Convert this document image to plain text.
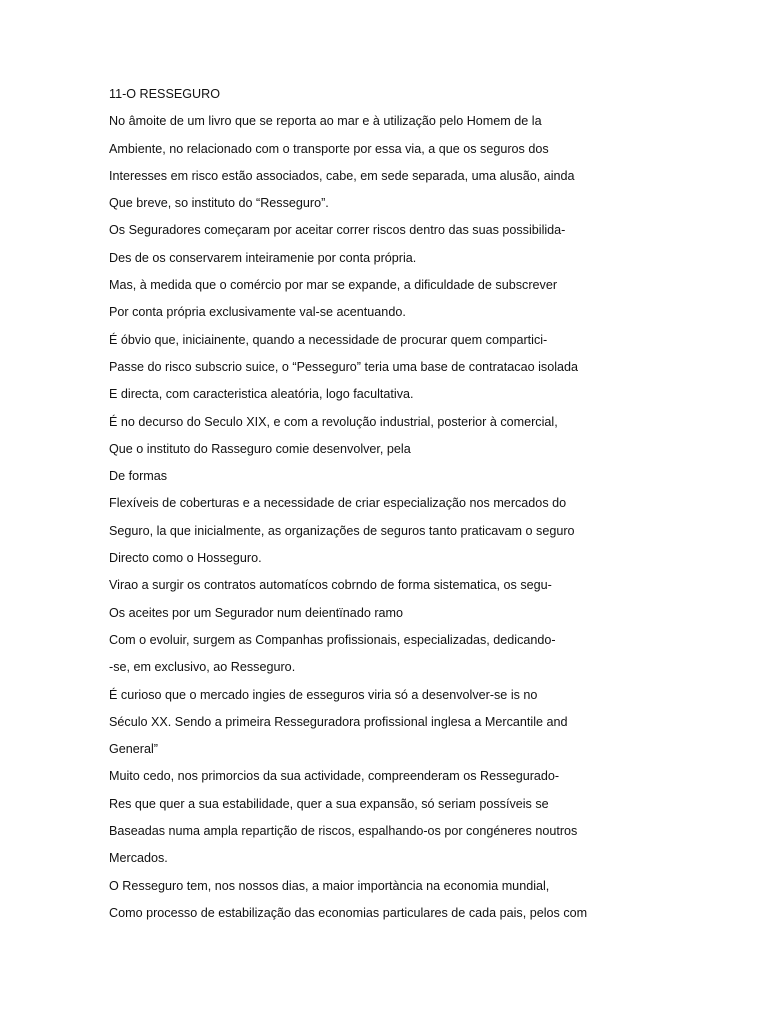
11-O RESSEGURO
No âmoite de um livro que se reporta ao mar e à utilização pelo Homem de la
Ambiente, no relacionado com o transporte por essa via, a que os seguros dos
Interesses em risco estão associados, cabe, em sede separada, uma alusão, ainda
Que breve, so instituto do “Resseguro”.
Os Seguradores começaram por aceitar correr riscos dentro das suas possibilida-
Des de os conservarem inteiramenie por conta própria.
Mas, à medida que o comércio por mar se expande, a dificuldade de subscrever
Por conta própria exclusivamente val-se acentuando.
É óbvio que, iniciainente, quando a necessidade de procurar quem compartici-
Passe do risco subscrio suice, o “Pesseguro” teria uma base de contratacao isolada
E directa, com caracteristica aleatória, logo facultativa.
É no decurso do Seculo XIX, e com a revolução industrial, posterior à comercial,
Que o instituto do Rasseguro comie desenvolver, pela
De formas
Flexíveis de coberturas e a necessidade de criar especialização nos mercados do
Seguro, la que inicialmente, as organizações de seguros tanto praticavam o seguro
Directo como o Hosseguro.
Virao a surgir os contratos automatícos cobrndo de forma sistematica, os segu-
Os aceites por um Segurador num deientïnado ramo
Com o evoluir, surgem as Companhas profissionais, especializadas, dedicando-
-se, em exclusivo, ao Resseguro.
É curioso que o mercado ingies de esseguros viria só a desenvolver-se is no
Século XX. Sendo a primeira Resseguradora profissional inglesa a Mercantile and
General”
Muito cedo, nos primorcios da sua actividade, compreenderam os Ressegurado-
Res que quer a sua estabilidade, quer a sua expansão, só seriam possíveis se
Baseadas numa ampla repartição de riscos, espalhando-os por congéneres noutros
Mercados.
O Resseguro tem, nos nossos dias, a maior importància na economia mundial,
Como processo de estabilização das economias particulares de cada pais, pelos com
